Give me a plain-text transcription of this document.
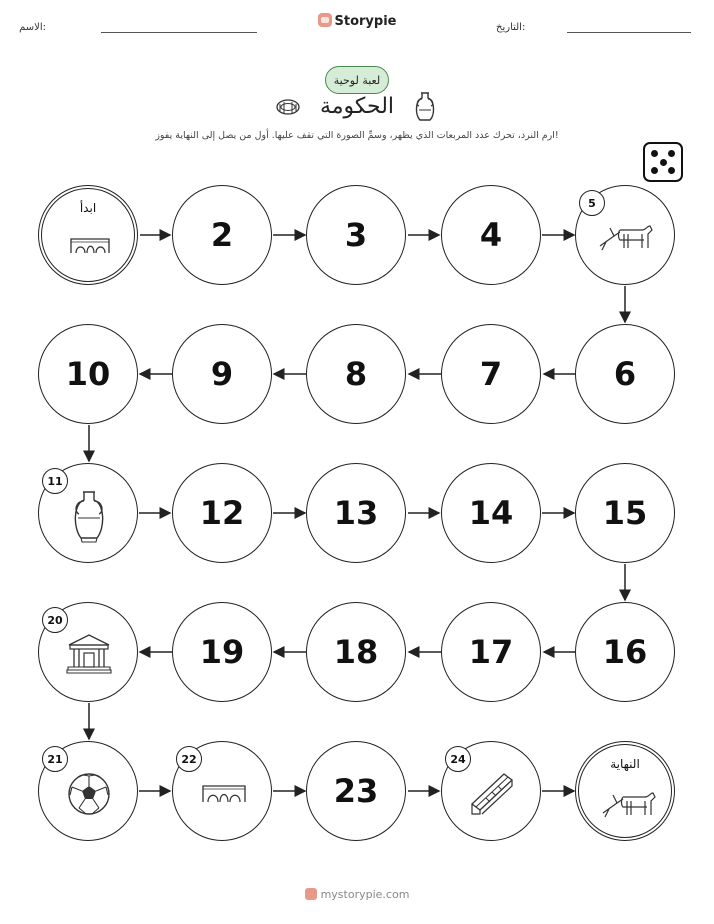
الاسم:	Storypie	التاريخ:
لعبة لوحية
الحكومة
ارم النرد، تحرك عدد المربعات الذي يظهر، وسمِّ الصورة التي تقف عليها. أول من يصل إلى النهاية يفوز!
ابدأ
2	3	4
5
10	9	8	7	6
11
12	13	14	15
20
19	18	17	16
21	22
23
24	النهاية
mystorypie.com
